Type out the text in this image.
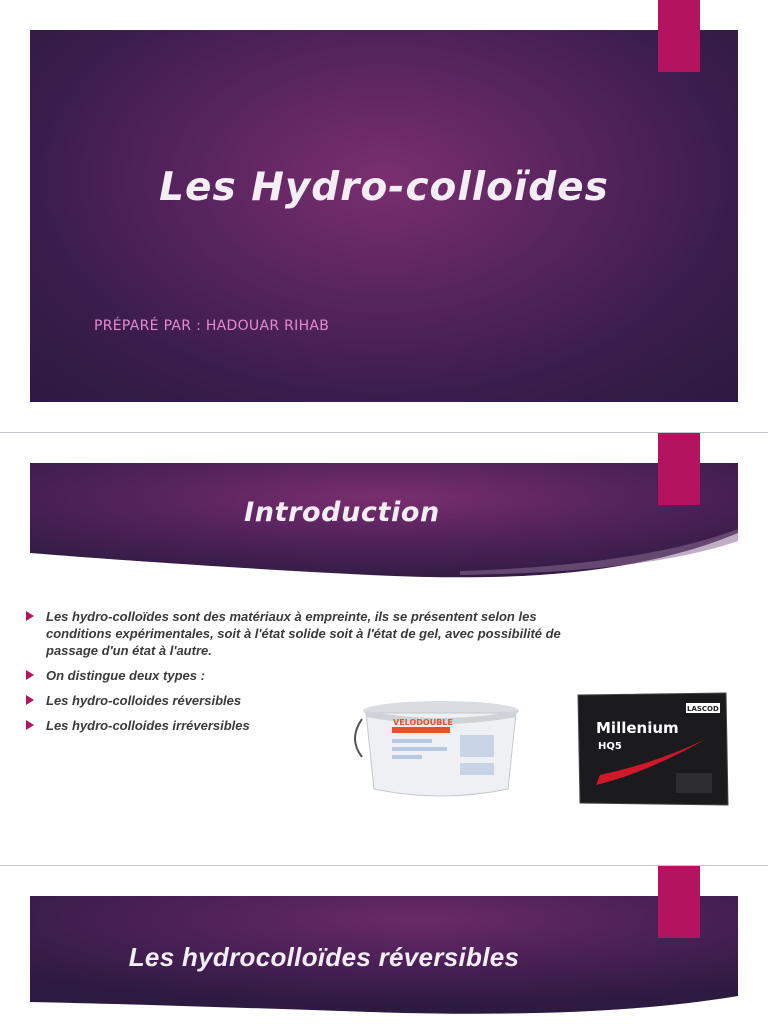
Les Hydro-colloïdes
PRÉPARÉ PAR : HADOUAR RIHAB
Introduction
Les hydro-colloïdes sont des matériaux à empreinte, ils se présentent selon les conditions expérimentales, soit à l'état solide soit à l'état de gel, avec possibilité de passage d'un état à l'autre.
On distingue deux types :
Les hydro-colloides réversibles
Les hydro-colloides irréversibles	VELODOUBLE
LASCOD
Millenium
HQ5
Les hydrocolloïdes réversibles
